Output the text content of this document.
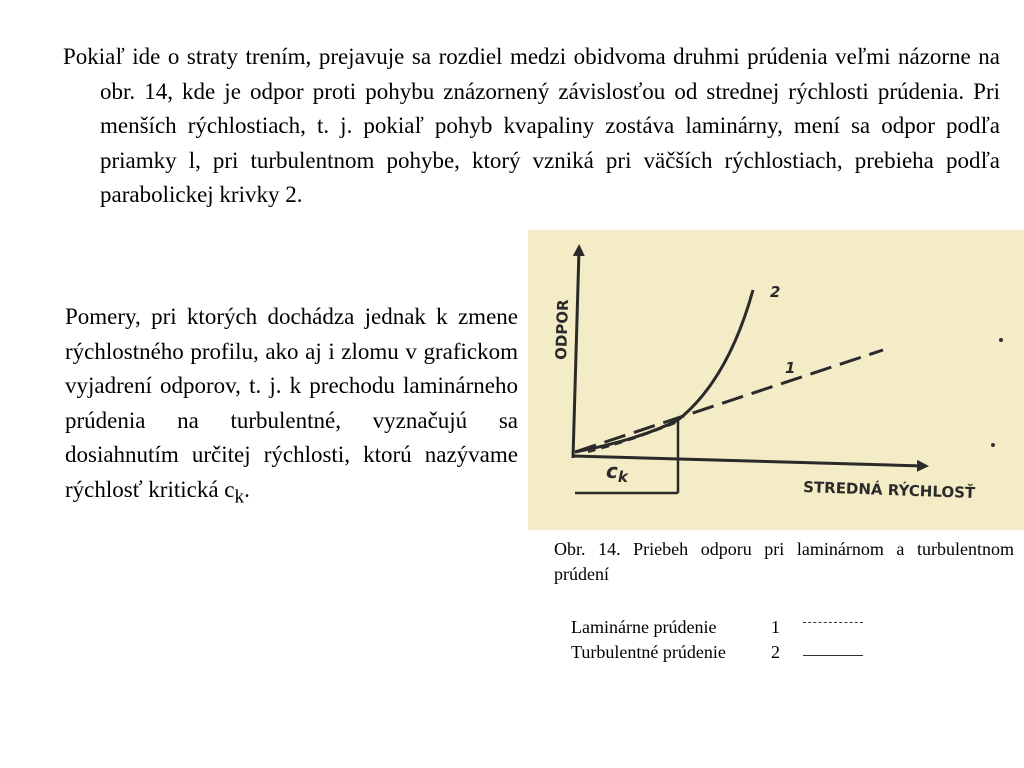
Pokiaľ ide o straty trením, prejavuje sa rozdiel medzi obidvoma druhmi prúdenia veľmi názorne na obr. 14, kde je odpor proti pohybu znázornený závislosťou od strednej rýchlosti prúdenia. Pri menších rýchlostiach, t. j. pokiaľ pohyb kvapaliny zostáva laminárny, mení sa odpor podľa priamky l, pri turbulentnom pohybe, ktorý vzniká pri väčších rýchlostiach, prebieha podľa parabolickej krivky 2.
Pomery, pri ktorých dochádza jednak k zmene rýchlostného profilu, ako aj i zlomu v grafickom vyjadrení odporov, t. j. k prechodu laminárneho prúdenia na turbulentné, vyznačujú sa dosiahnutím určitej rýchlosti, ktorú nazývame rýchlosť kritická $c_k$.
ODPOR
STREDNÁ RÝCHLOSŤ
2
1
$c_k$
Obr. 14. Priebeh odporu pri laminárnom a turbulentnom prúdení
Laminárne prúdenie	1
Turbulentné prúdenie	2
